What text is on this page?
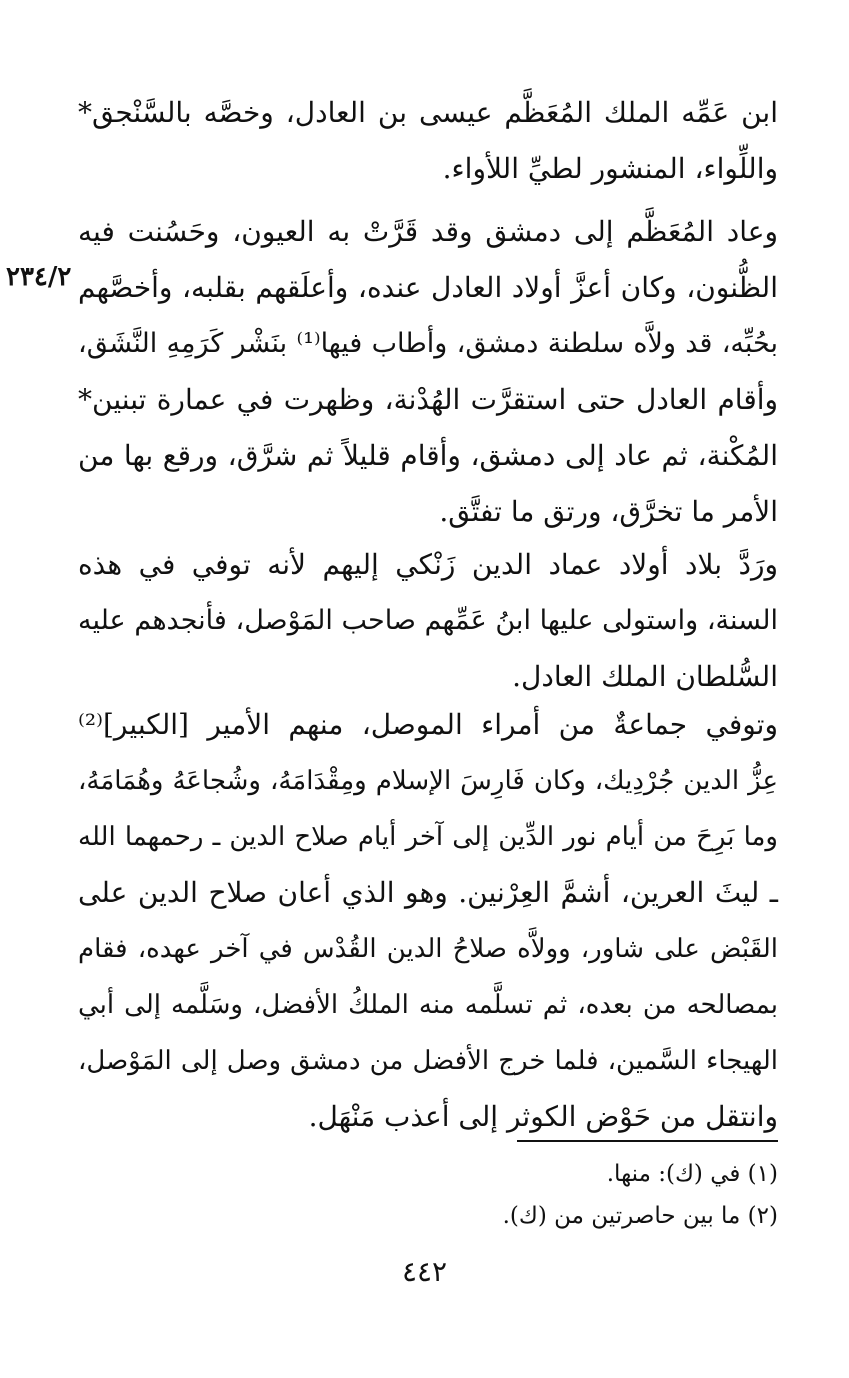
ابن عَمِّه الملك المُعَظَّم عيسى بن العادل، وخصَّه بالسَّنْجق*
واللِّواء، المنشور لطيِّ اللأواء.
وعاد المُعَظَّم إلى دمشق وقد قَرَّتْ به العيون، وحَسُنت فيه
الظُّنون، وكان أعزَّ أولاد العادل عنده، وأعلَقهم بقلبه، وأخصَّهم
بحُبِّه، قد ولاَّه سلطنة دمشق، وأطاب فيها⁽¹⁾ بنَشْر كَرَمِهِ النَّشَق،
وأقام العادل حتى استقرَّت الهُدْنة، وظهرت في عمارة تبنين*
المُكْنة، ثم عاد إلى دمشق، وأقام قليلاً ثم شرَّق، ورقع بها من
الأمر ما تخرَّق، ورتق ما تفتَّق.
٢٣٤/٢
ورَدَّ بلاد أولاد عماد الدين زَنْكي إليهم لأنه توفي في هذه
السنة، واستولى عليها ابنُ عَمِّهم صاحب المَوْصل، فأنجدهم عليه
السُّلطان الملك العادل.
وتوفي جماعةٌ من أمراء الموصل، منهم الأمير [الكبير]⁽²⁾
عِزُّ الدين جُرْدِيك، وكان فَارِسَ الإسلام ومِقْدَامَهُ، وشُجاعَهُ وهُمَامَهُ،
وما بَرِحَ من أيام نور الدِّين إلى آخر أيام صلاح الدين ـ رحمهما الله
ـ ليثَ العرين، أشمَّ العِرْنين. وهو الذي أعان صلاح الدين على
القَبْض على شاور، وولاَّه صلاحُ الدين القُدْس في آخر عهده، فقام
بمصالحه من بعده، ثم تسلَّمه منه الملكُ الأفضل، وسَلَّمه إلى أبي
الهيجاء السَّمين، فلما خرج الأفضل من دمشق وصل إلى المَوْصل،
وانتقل من حَوْض الكوثر إلى أعذب مَنْهَل.
(١) في (ك): منها.
(٢) ما بين حاصرتين من (ك).
٤٤٢
